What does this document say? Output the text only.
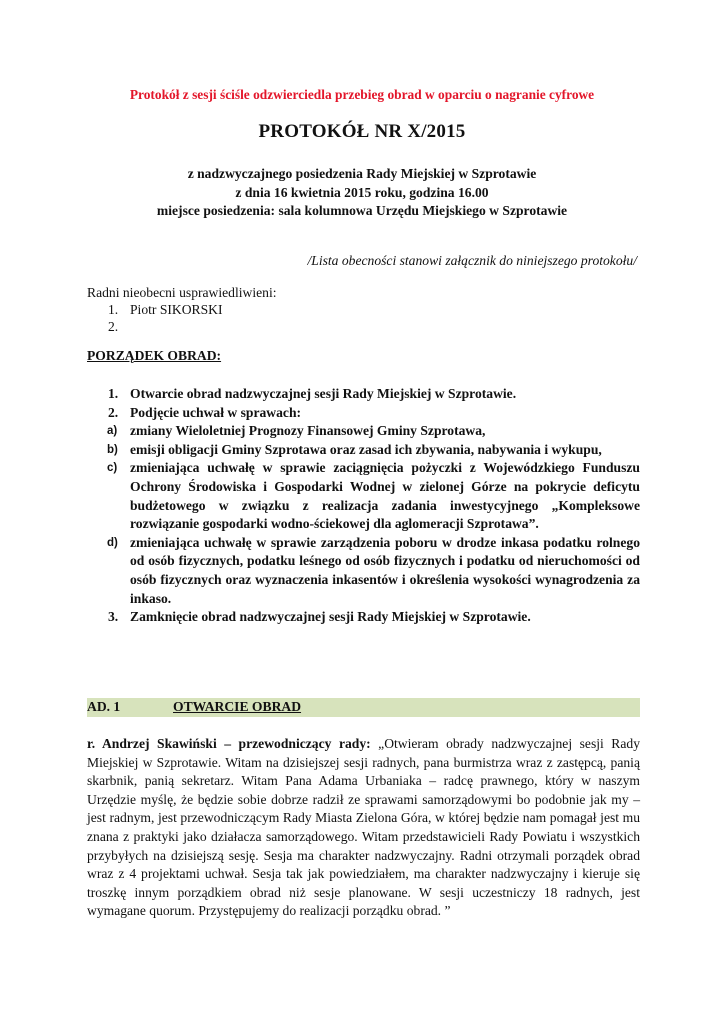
Protokół z sesji ściśle odzwierciedla przebieg obrad w oparciu o nagranie cyfrowe
PROTOKÓŁ NR X/2015
z nadzwyczajnego posiedzenia Rady Miejskiej w Szprotawie
z dnia 16 kwietnia 2015 roku, godzina 16.00
miejsce posiedzenia: sala kolumnowa Urzędu Miejskiego w Szprotawie
/Lista obecności stanowi załącznik do niniejszego protokołu/
Radni nieobecni usprawiedliwieni:
1. Piotr SIKORSKI
2.
PORZĄDEK OBRAD:
1. Otwarcie obrad nadzwyczajnej sesji Rady Miejskiej w Szprotawie.
2. Podjęcie uchwał w sprawach:
a) zmiany Wieloletniej Prognozy Finansowej Gminy Szprotawa,
b) emisji obligacji Gminy Szprotawa oraz zasad ich zbywania, nabywania i wykupu,
c) zmieniająca uchwałę w sprawie zaciągnięcia pożyczki z Wojewódzkiego Funduszu Ochrony Środowiska i Gospodarki Wodnej w zielonej Górze na pokrycie deficytu budżetowego w związku z realizacja zadania inwestycyjnego „Kompleksowe rozwiązanie gospodarki wodno-ściekowej dla aglomeracji Szprotawa”.
d) zmieniająca uchwałę w sprawie zarządzenia poboru w drodze inkasa podatku rolnego od osób fizycznych, podatku leśnego od osób fizycznych i podatku od nieruchomości od osób fizycznych oraz wyznaczenia inkasentów i określenia wysokości wynagrodzenia za inkaso.
3. Zamknięcie obrad nadzwyczajnej sesji Rady Miejskiej w Szprotawie.
AD. 1	OTWARCIE OBRAD
r. Andrzej Skawiński – przewodniczący rady: „Otwieram obrady nadzwyczajnej sesji Rady Miejskiej w Szprotawie. Witam na dzisiejszej sesji radnych, pana burmistrza wraz z zastępcą, panią skarbnik, panią sekretarz. Witam Pana Adama Urbaniaka – radcę prawnego, który w naszym Urzędzie myślę, że będzie sobie dobrze radził ze sprawami samorządowymi bo podobnie jak my – jest radnym, jest przewodniczącym Rady Miasta Zielona Góra, w której będzie nam pomagał jest mu znana z praktyki jako działacza samorządowego. Witam przedstawicieli Rady Powiatu i wszystkich przybyłych na dzisiejszą sesję. Sesja ma charakter nadzwyczajny. Radni otrzymali porządek obrad wraz z 4 projektami uchwał. Sesja tak jak powiedziałem, ma charakter nadzwyczajny i kieruje się troszkę innym porządkiem obrad niż sesje planowane. W sesji uczestniczy 18 radnych, jest wymagane quorum. Przystępujemy do realizacji porządku obrad. ”
